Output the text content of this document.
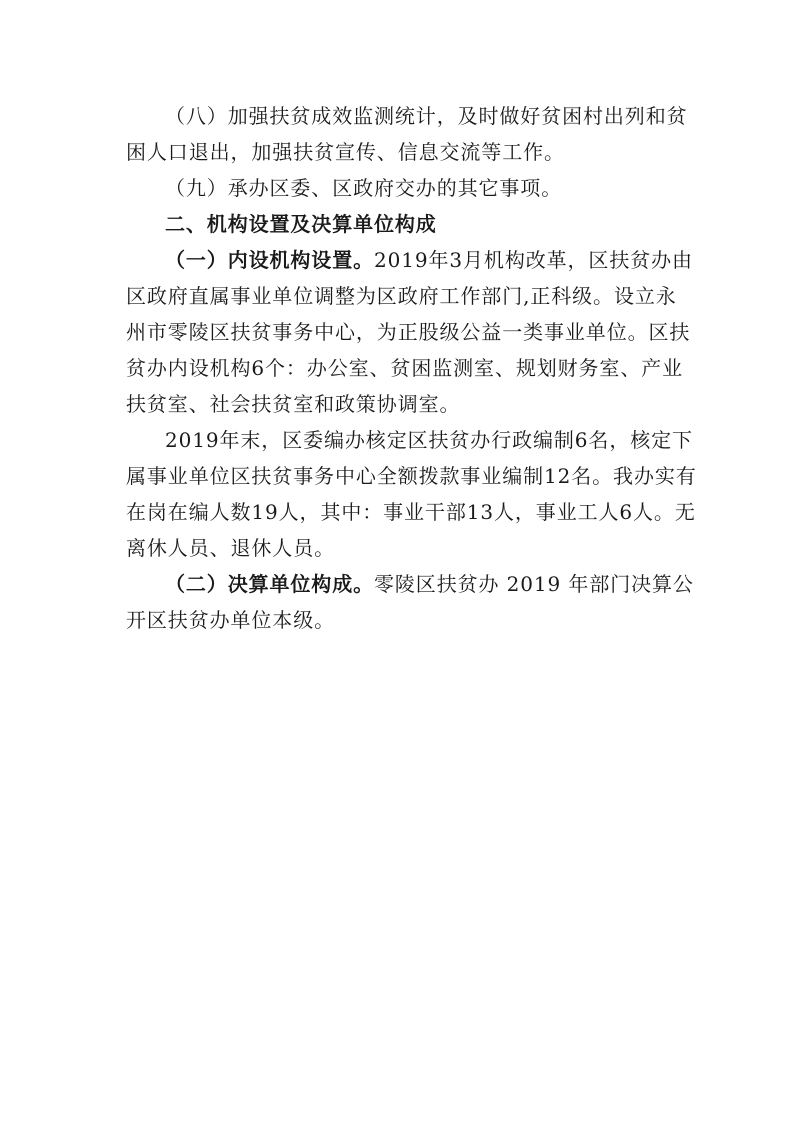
（八）加强扶贫成效监测统计，及时做好贫困村出列和贫
困人口退出，加强扶贫宣传、信息交流等工作。
（九）承办区委、区政府交办的其它事项。
二、机构设置及决算单位构成
（一）内设机构设置。2019年3月机构改革，区扶贫办由
区政府直属事业单位调整为区政府工作部门,正科级。设立永
州市零陵区扶贫事务中心，为正股级公益一类事业单位。区扶
贫办内设机构6个：办公室、贫困监测室、规划财务室、产业
扶贫室、社会扶贫室和政策协调室。
2019年末，区委编办核定区扶贫办行政编制6名，核定下
属事业单位区扶贫事务中心全额拨款事业编制12名。我办实有
在岗在编人数19人，其中：事业干部13人，事业工人6人。无
离休人员、退休人员。
（二）决算单位构成。零陵区扶贫办 2019 年部门决算公
开区扶贫办单位本级。
